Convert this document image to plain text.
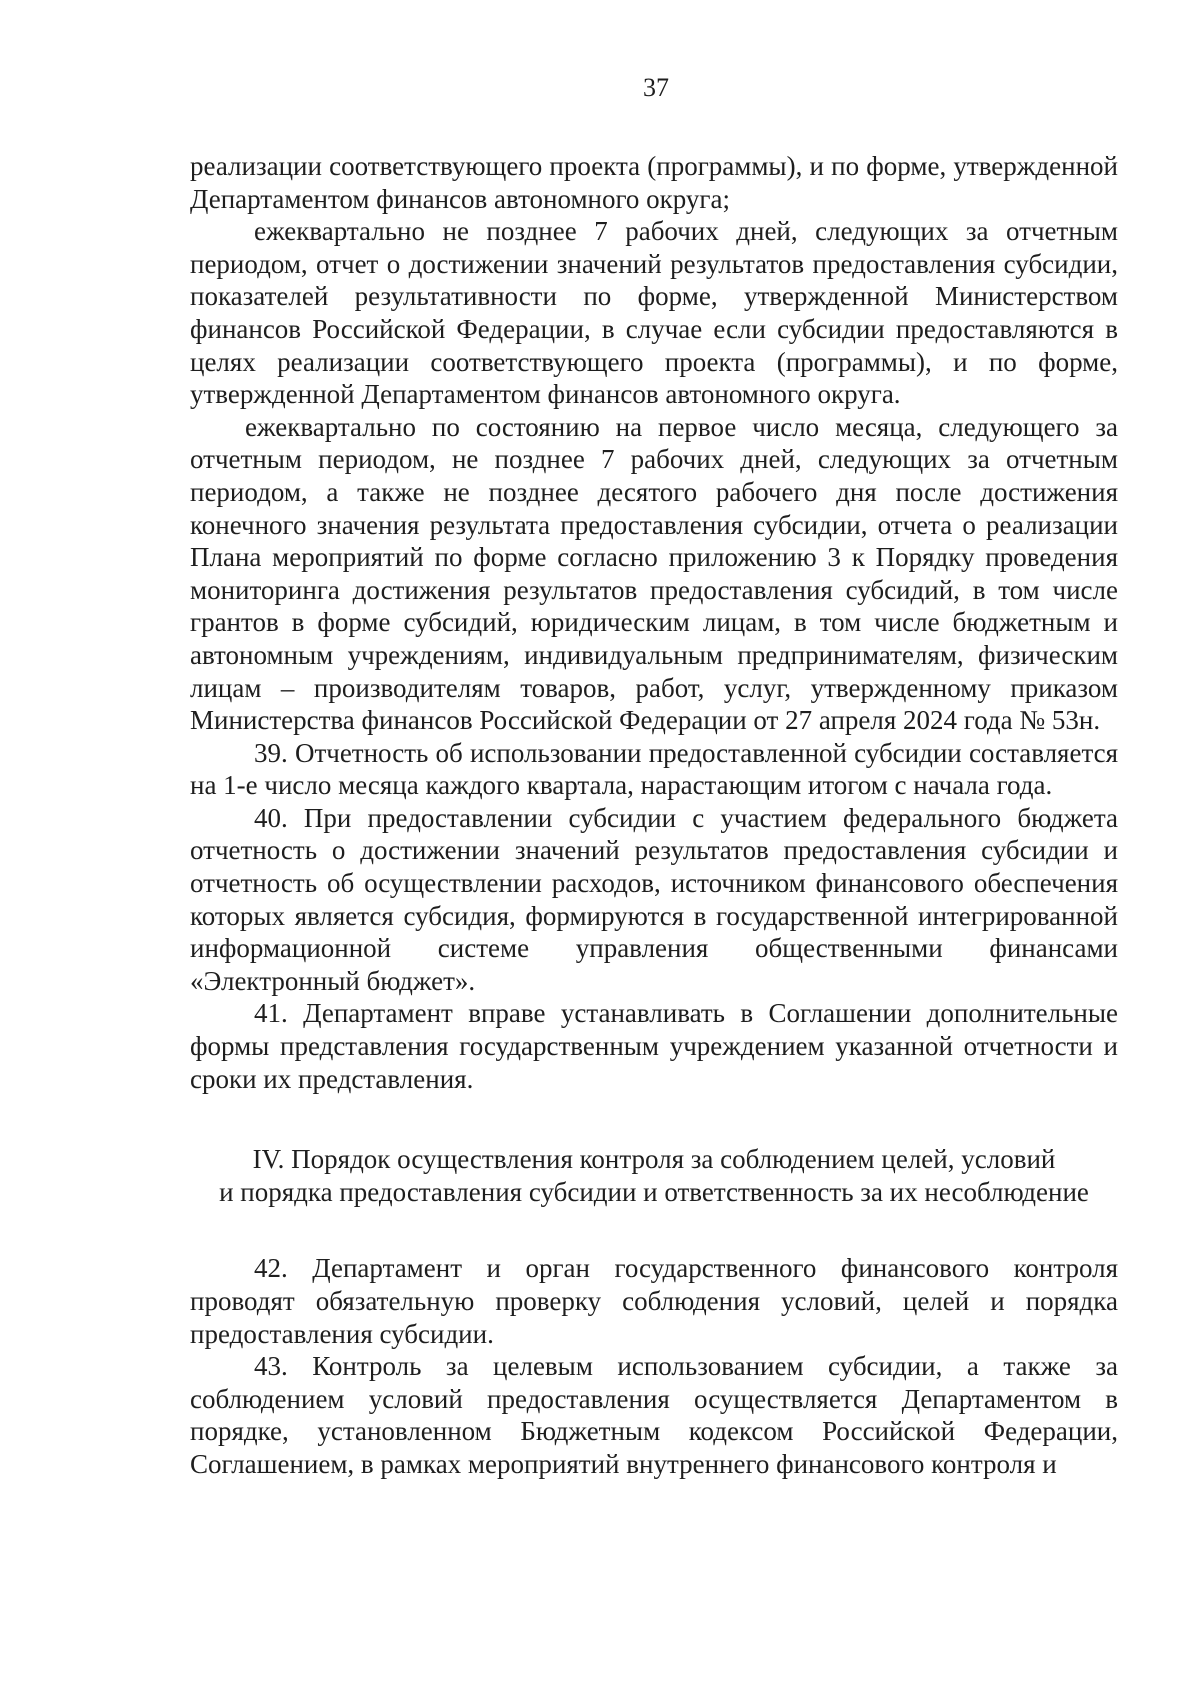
37

реализации соответствующего проекта (программы), и по форме, утвержденной Департаментом финансов автономного округа;

ежеквартально не позднее 7 рабочих дней, следующих за отчетным периодом, отчет о достижении значений результатов предоставления субсидии, показателей результативности по форме, утвержденной Министерством финансов Российской Федерации, в случае если субсидии предоставляются в целях реализации соответствующего проекта (программы), и по форме, утвержденной Департаментом финансов автономного округа.

ежеквартально по состоянию на первое число месяца, следующего за отчетным периодом, не позднее 7 рабочих дней, следующих за отчетным периодом, а также не позднее десятого рабочего дня после достижения конечного значения результата предоставления субсидии, отчета о реализации Плана мероприятий по форме согласно приложению 3 к Порядку проведения мониторинга достижения результатов предоставления субсидий, в том числе грантов в форме субсидий, юридическим лицам, в том числе бюджетным и автономным учреждениям, индивидуальным предпринимателям, физическим лицам – производителям товаров, работ, услуг, утвержденному приказом Министерства финансов Российской Федерации от 27 апреля 2024 года № 53н.

39. Отчетность об использовании предоставленной субсидии составляется на 1-е число месяца каждого квартала, нарастающим итогом с начала года.

40. При предоставлении субсидии с участием федерального бюджета отчетность о достижении значений результатов предоставления субсидии и отчетность об осуществлении расходов, источником финансового обеспечения которых является субсидия, формируются в государственной интегрированной информационной системе управления общественными финансами «Электронный бюджет».

41. Департамент вправе устанавливать в Соглашении дополнительные формы представления государственным учреждением указанной отчетности и сроки их представления.

IV. Порядок осуществления контроля за соблюдением целей, условий
и порядка предоставления субсидии и ответственность за их несоблюдение

42. Департамент и орган государственного финансового контроля проводят обязательную проверку соблюдения условий, целей и порядка предоставления субсидии.

43. Контроль за целевым использованием субсидии, а также за соблюдением условий предоставления осуществляется Департаментом в порядке, установленном Бюджетным кодексом Российской Федерации, Соглашением, в рамках мероприятий внутреннего финансового контроля и
